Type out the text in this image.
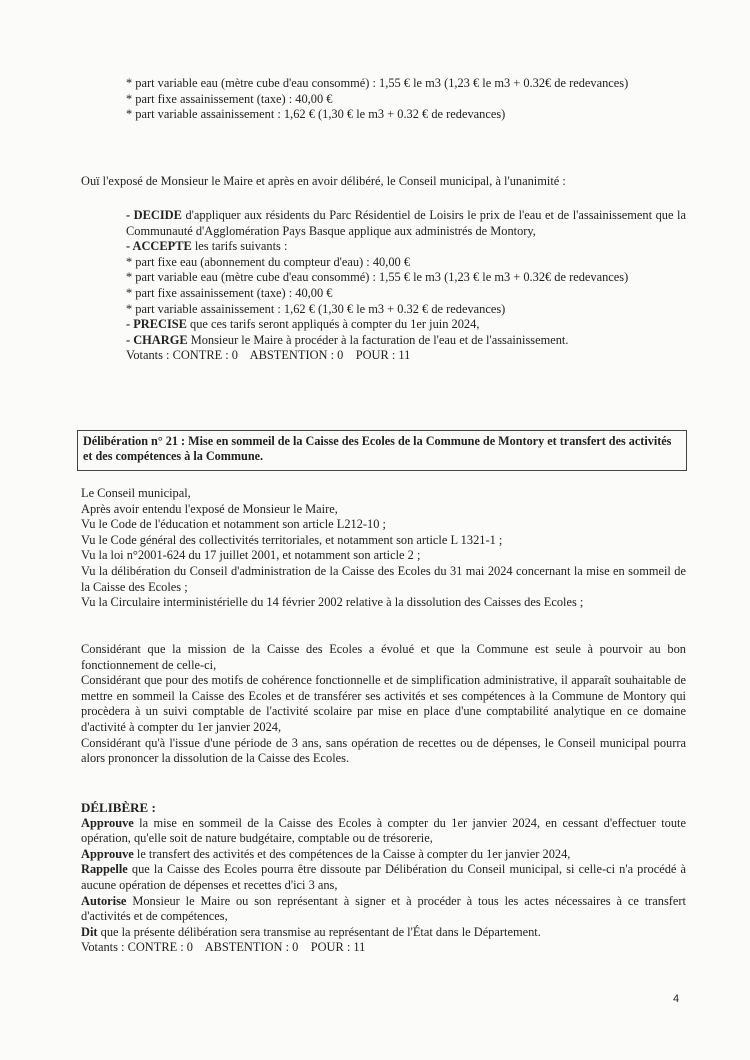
* part variable eau (mètre cube d'eau consommé) : 1,55 € le m3 (1,23 € le m3 + 0.32€ de redevances)

* part fixe assainissement (taxe) : 40,00 €

* part variable assainissement : 1,62 € (1,30 € le m3 + 0.32 € de redevances)

Ouï l'exposé de Monsieur le Maire et après en avoir délibéré, le Conseil municipal, à l'unanimité :

- DECIDE d'appliquer aux résidents du Parc Résidentiel de Loisirs le prix de l'eau et de l'assainissement que la Communauté d'Agglomération Pays Basque applique aux administrés de Montory,

- ACCEPTE les tarifs suivants :

* part fixe eau (abonnement du compteur d'eau) : 40,00 €

* part variable eau (mètre cube d'eau consommé) : 1,55 € le m3 (1,23 € le m3 + 0.32€ de redevances)

* part fixe assainissement (taxe) : 40,00 €

* part variable assainissement : 1,62 € (1,30 € le m3 + 0.32 € de redevances)

- PRECISE que ces tarifs seront appliqués à compter du 1er juin 2024,

- CHARGE Monsieur le Maire à procéder à la facturation de l'eau et de l'assainissement.

Votants : CONTRE : 0    ABSTENTION : 0    POUR : 11

Délibération n° 21 : Mise en sommeil de la Caisse des Ecoles de la Commune de Montory et transfert des activités et des compétences à la Commune.

Le Conseil municipal,

Après avoir entendu l'exposé de Monsieur le Maire,

Vu le Code de l'éducation et notamment son article L212-10 ;

Vu le Code général des collectivités territoriales, et notamment son article L 1321-1 ;

Vu la loi n°2001-624 du 17 juillet 2001, et notamment son article 2 ;

Vu la délibération du Conseil d'administration de la Caisse des Ecoles du 31 mai 2024 concernant la mise en sommeil de la Caisse des Ecoles ;

Vu la Circulaire interministérielle du 14 février 2002 relative à la dissolution des Caisses des Ecoles ;

Considérant que la mission de la Caisse des Ecoles a évolué et que la Commune est seule à pourvoir au bon fonctionnement de celle-ci,

Considérant que pour des motifs de cohérence fonctionnelle et de simplification administrative, il apparaît souhaitable de mettre en sommeil la Caisse des Ecoles et de transférer ses activités et ses compétences à la Commune de Montory qui procèdera à un suivi comptable de l'activité scolaire par mise en place d'une comptabilité analytique en ce domaine d'activité à compter du 1er janvier 2024,

Considérant qu'à l'issue d'une période de 3 ans, sans opération de recettes ou de dépenses, le Conseil municipal pourra alors prononcer la dissolution de la Caisse des Ecoles.

DÉLIBÈRE :

Approuve la mise en sommeil de la Caisse des Ecoles à compter du 1er janvier 2024, en cessant d'effectuer toute opération, qu'elle soit de nature budgétaire, comptable ou de trésorerie,

Approuve le transfert des activités et des compétences de la Caisse à compter du 1er janvier 2024,

Rappelle que la Caisse des Ecoles pourra être dissoute par Délibération du Conseil municipal, si celle-ci n'a procédé à aucune opération de dépenses et recettes d'ici 3 ans,

Autorise Monsieur le Maire ou son représentant à signer et à procéder à tous les actes nécessaires à ce transfert d'activités et de compétences,

Dit que la présente délibération sera transmise au représentant de l'État dans le Département.

Votants : CONTRE : 0    ABSTENTION : 0    POUR : 11

4
